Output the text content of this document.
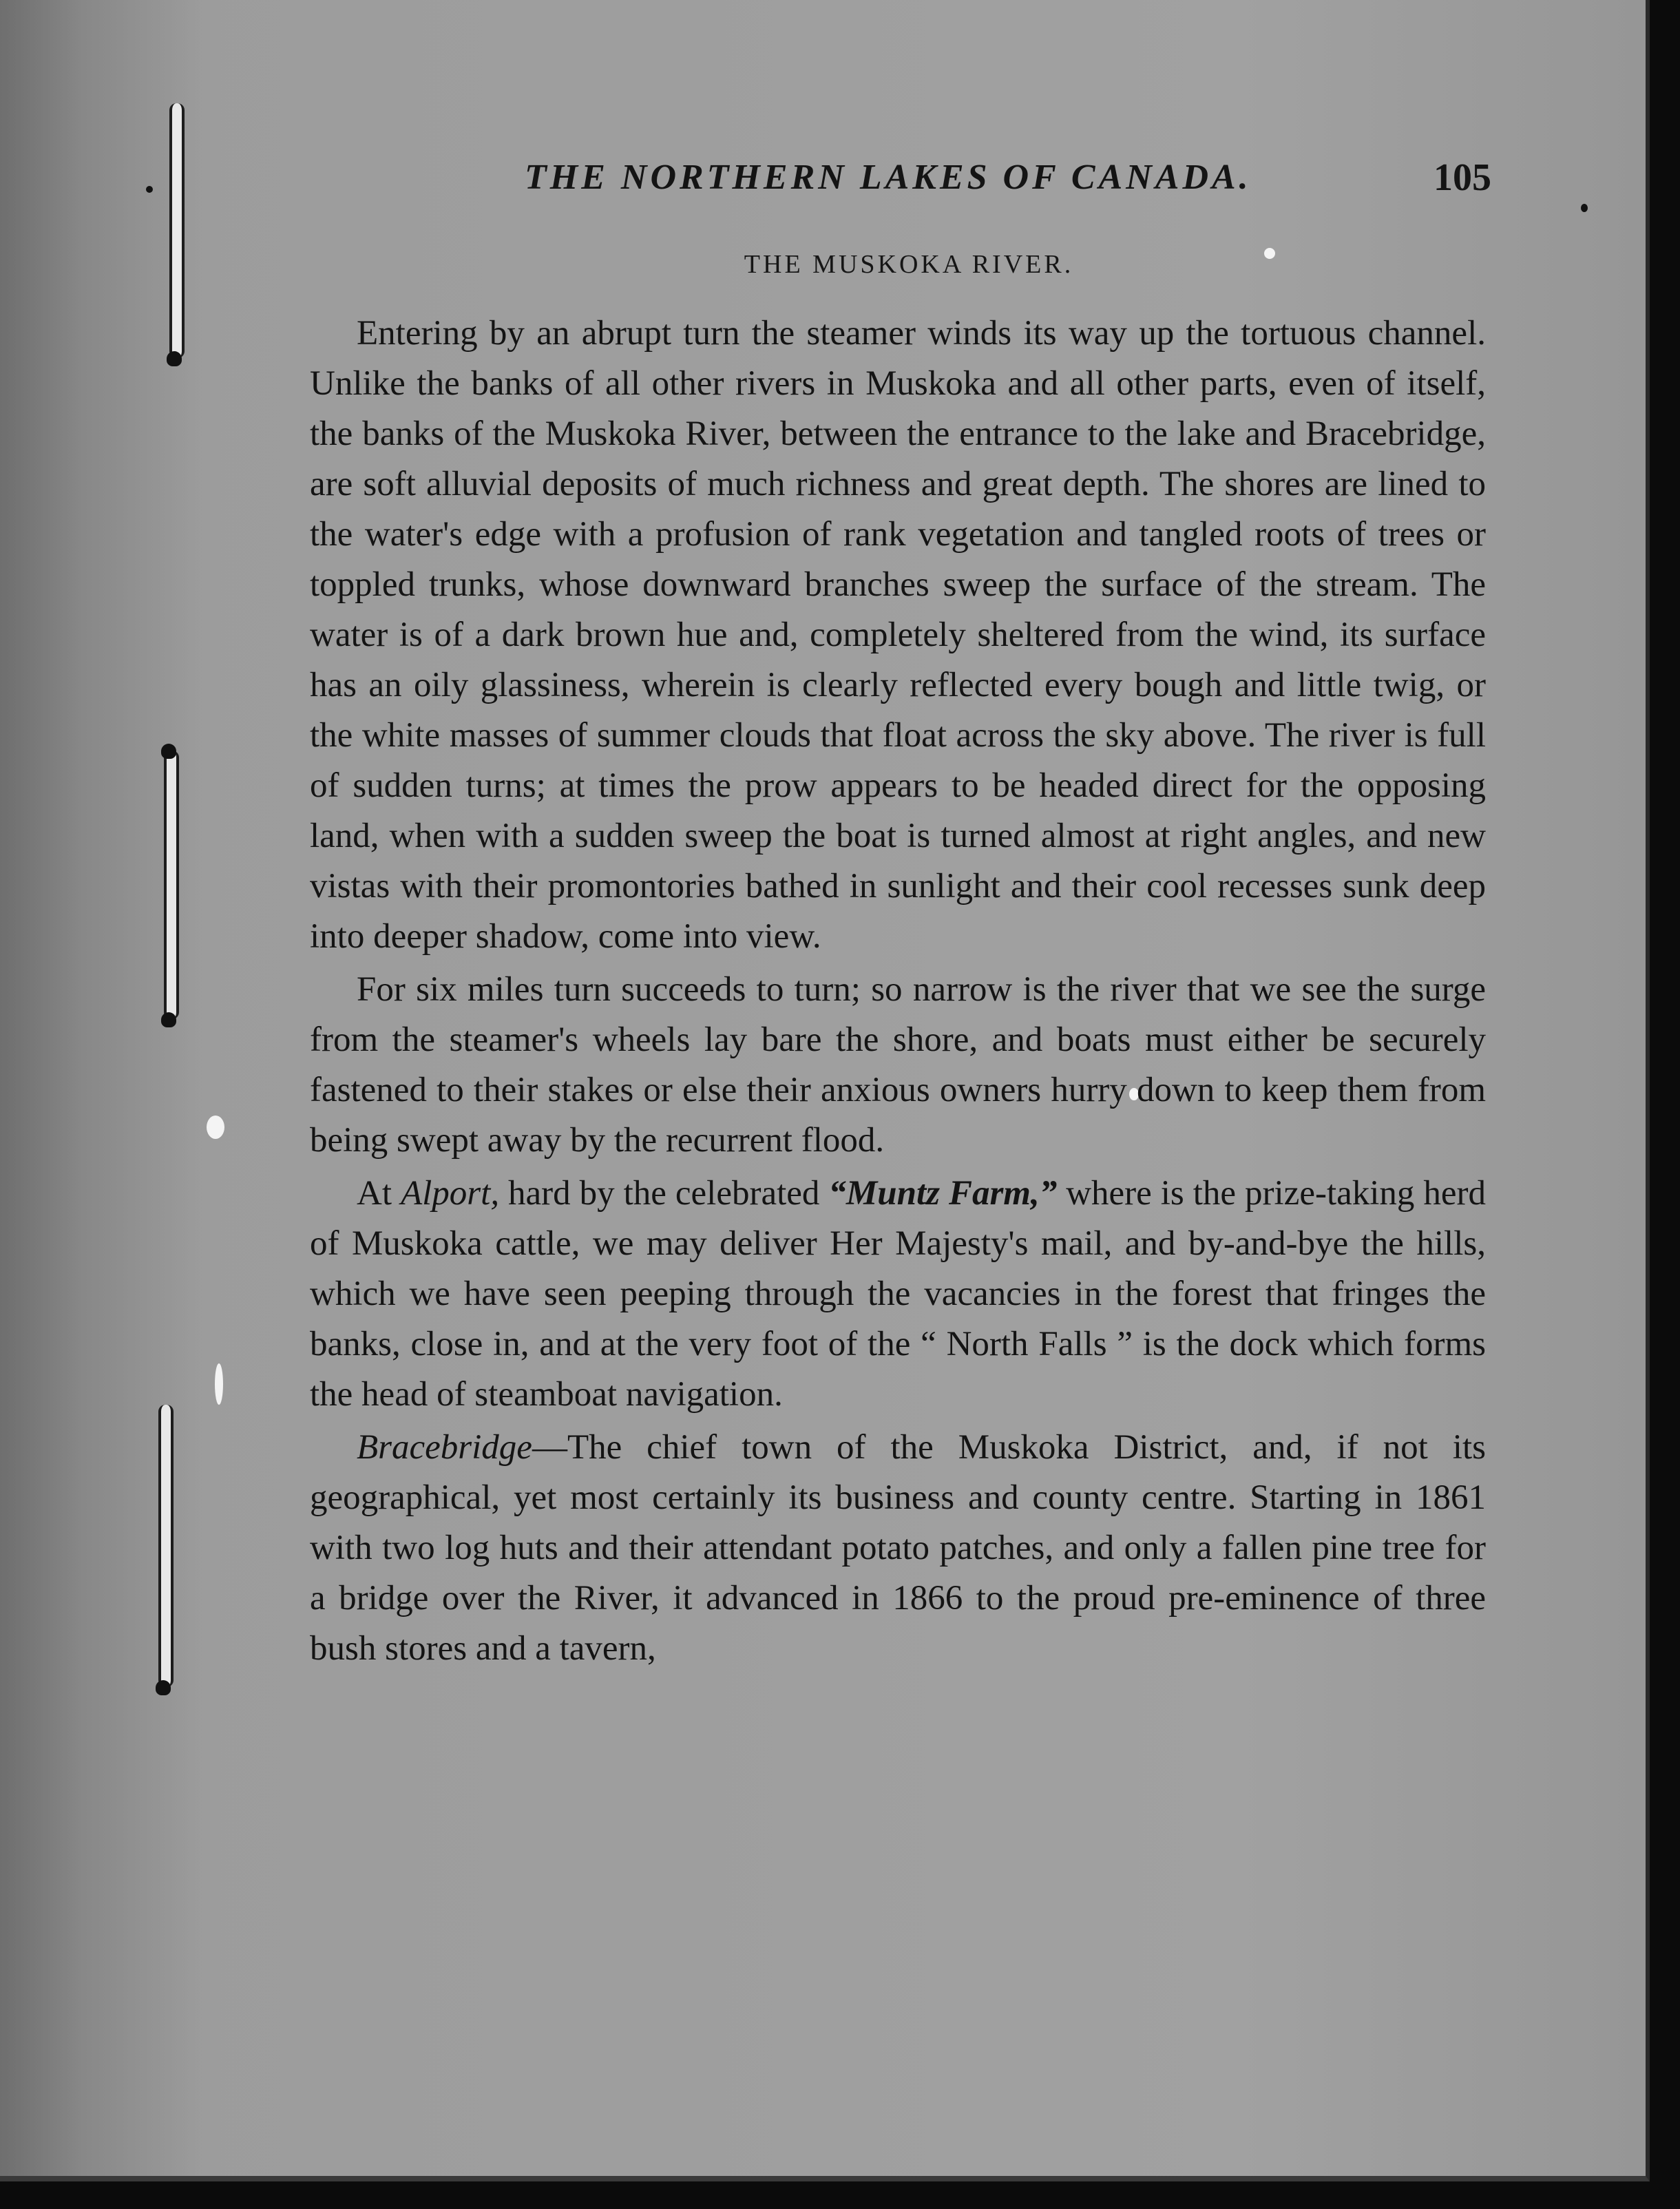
THE NORTHERN LAKES OF CANADA.	105
THE MUSKOKA RIVER.

Entering by an abrupt turn the steamer winds its way up the tortuous channel. Unlike the banks of all other rivers in Muskoka and all other parts, even of itself, the banks of the Muskoka River, between the entrance to the lake and Bracebridge, are soft alluvial deposits of much richness and great depth. The shores are lined to the water's edge with a profusion of rank vegetation and tangled roots of trees or toppled trunks, whose downward branches sweep the surface of the stream. The water is of a dark brown hue and, completely sheltered from the wind, its surface has an oily glassiness, wherein is clearly reflected every bough and little twig, or the white masses of summer clouds that float across the sky above. The river is full of sudden turns; at times the prow appears to be headed direct for the opposing land, when with a sudden sweep the boat is turned almost at right angles, and new vistas with their promontories bathed in sunlight and their cool recesses sunk deep into deeper shadow, come into view.

For six miles turn succeeds to turn; so narrow is the river that we see the surge from the steamer's wheels lay bare the shore, and boats must either be securely fastened to their stakes or else their anxious owners hurry down to keep them from being swept away by the recurrent flood.

At Alport, hard by the celebrated “Muntz Farm,” where is the prize-taking herd of Muskoka cattle, we may deliver Her Majesty's mail, and by-and-bye the hills, which we have seen peeping through the vacancies in the forest that fringes the banks, close in, and at the very foot of the “ North Falls ” is the dock which forms the head of steamboat navigation.

Bracebridge—The chief town of the Muskoka District, and, if not its geographical, yet most certainly its business and county centre. Starting in 1861 with two log huts and their attendant potato patches, and only a fallen pine tree for a bridge over the River, it advanced in 1866 to the proud pre-eminence of three bush stores and a tavern,
